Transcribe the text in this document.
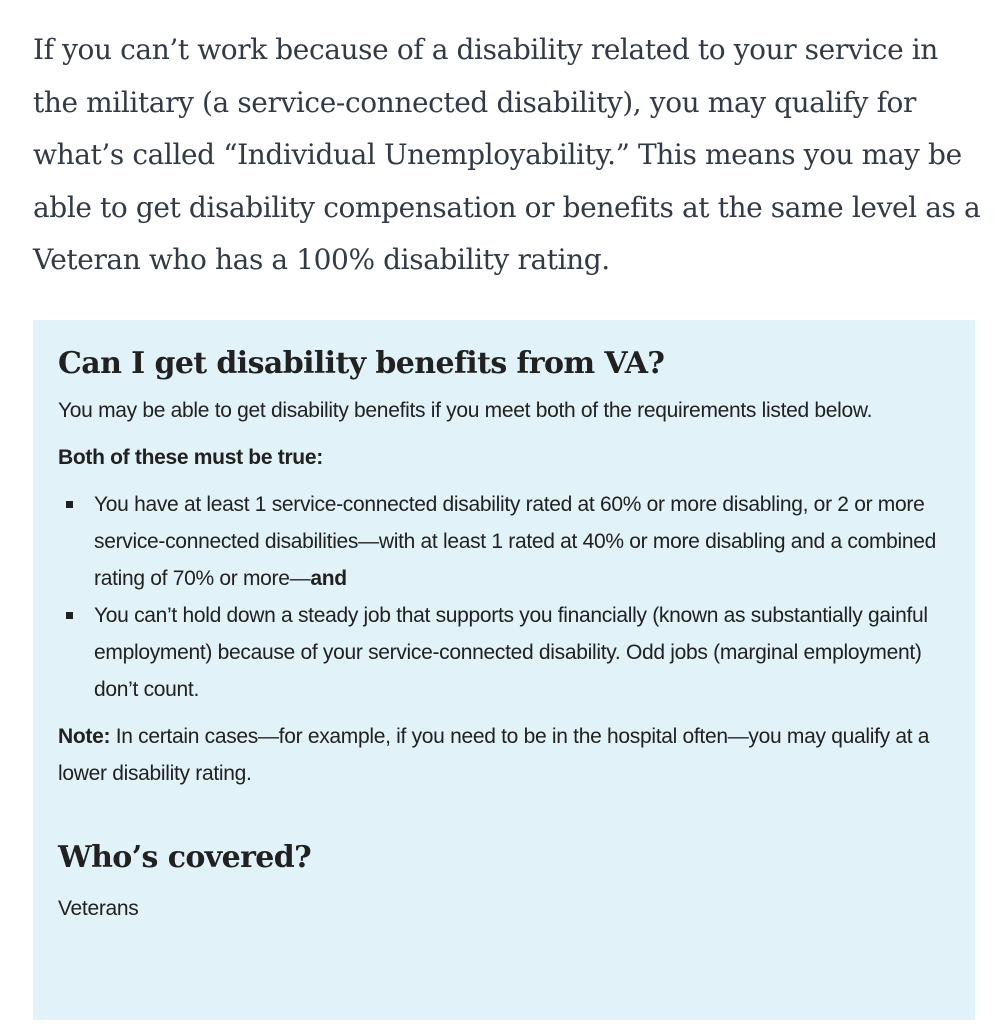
If you can’t work because of a disability related to your service in the military (a service-connected disability), you may qualify for what’s called “Individual Unemployability.” This means you may be able to get disability compensation or benefits at the same level as a Veteran who has a 100% disability rating.

Can I get disability benefits from VA?

You may be able to get disability benefits if you meet both of the requirements listed below.

Both of these must be true:

You have at least 1 service-connected disability rated at 60% or more disabling, or 2 or more service-connected disabilities—with at least 1 rated at 40% or more disabling and a combined rating of 70% or more—and
You can’t hold down a steady job that supports you financially (known as substantially gainful employment) because of your service-connected disability. Odd jobs (marginal employment) don’t count.

Note: In certain cases—for example, if you need to be in the hospital often—you may qualify at a lower disability rating.

Who’s covered?

Veterans
